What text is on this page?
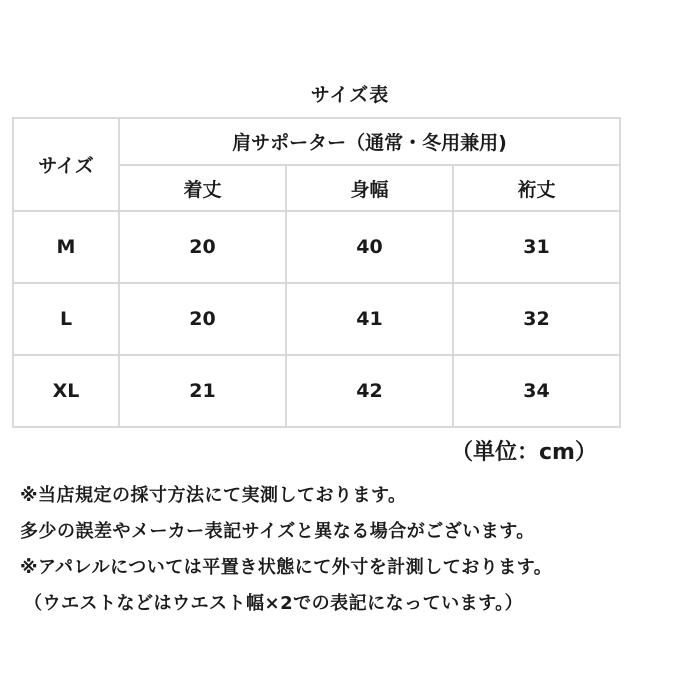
サイズ表
サイズ	肩サポーター（通常・冬用兼用)		
	着丈	身幅	裄丈
M	20	40	31
L	20	41	32
XL	21	42	34
（単位：cm）
※当店規定の採寸方法にて実測しております。
多少の誤差やメーカー表記サイズと異なる場合がございます。
※アパレルについては平置き状態にて外寸を計測しております。
（ウエストなどはウエスト幅×2での表記になっています。）
